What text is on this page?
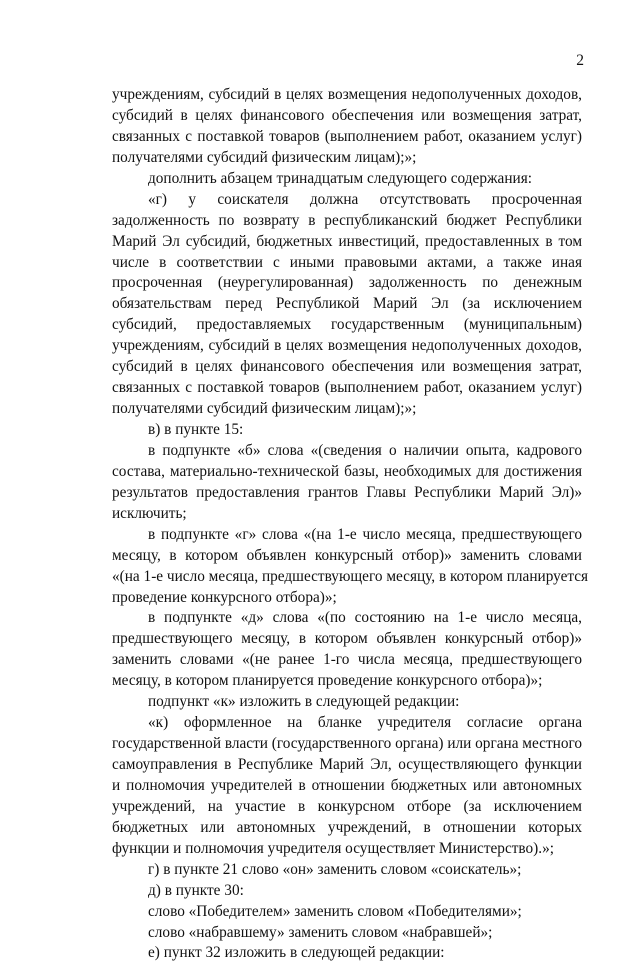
2
учреждениям, субсидий в целях возмещения недополученных доходов,
субсидий в целях финансового обеспечения или возмещения затрат,
связанных с поставкой товаров (выполнением работ, оказанием услуг)
получателями субсидий физическим лицам);»;
дополнить абзацем тринадцатым следующего содержания:
«г) у соискателя должна отсутствовать просроченная
задолженность по возврату в республиканский бюджет Республики
Марий Эл субсидий, бюджетных инвестиций, предоставленных в том
числе в соответствии с иными правовыми актами, а также иная
просроченная (неурегулированная) задолженность по денежным
обязательствам перед Республикой Марий Эл (за исключением
субсидий, предоставляемых государственным (муниципальным)
учреждениям, субсидий в целях возмещения недополученных доходов,
субсидий в целях финансового обеспечения или возмещения затрат,
связанных с поставкой товаров (выполнением работ, оказанием услуг)
получателями субсидий физическим лицам);»;
в) в пункте 15:
в подпункте «б» слова «(сведения о наличии опыта, кадрового
состава, материально-технической базы, необходимых для достижения
результатов предоставления грантов Главы Республики Марий Эл)»
исключить;
в подпункте «г» слова «(на 1-е число месяца, предшествующего
месяцу, в котором объявлен конкурсный отбор)» заменить словами
«(на 1-е число месяца, предшествующего месяцу, в котором планируется
проведение конкурсного отбора)»;
в подпункте «д» слова «(по состоянию на 1-е число месяца,
предшествующего месяцу, в котором объявлен конкурсный отбор)»
заменить словами «(не ранее 1-го числа месяца, предшествующего
месяцу, в котором планируется проведение конкурсного отбора)»;
подпункт «к» изложить в следующей редакции:
«к) оформленное на бланке учредителя согласие органа
государственной власти (государственного органа) или органа местного
самоуправления в Республике Марий Эл, осуществляющего функции
и полномочия учредителей в отношении бюджетных или автономных
учреждений, на участие в конкурсном отборе (за исключением
бюджетных или автономных учреждений, в отношении которых
функции и полномочия учредителя осуществляет Министерство).»;
г) в пункте 21 слово «он» заменить словом «соискатель»;
д) в пункте 30:
слово «Победителем» заменить словом «Победителями»;
слово «набравшему» заменить словом «набравшей»;
е) пункт 32 изложить в следующей редакции:
